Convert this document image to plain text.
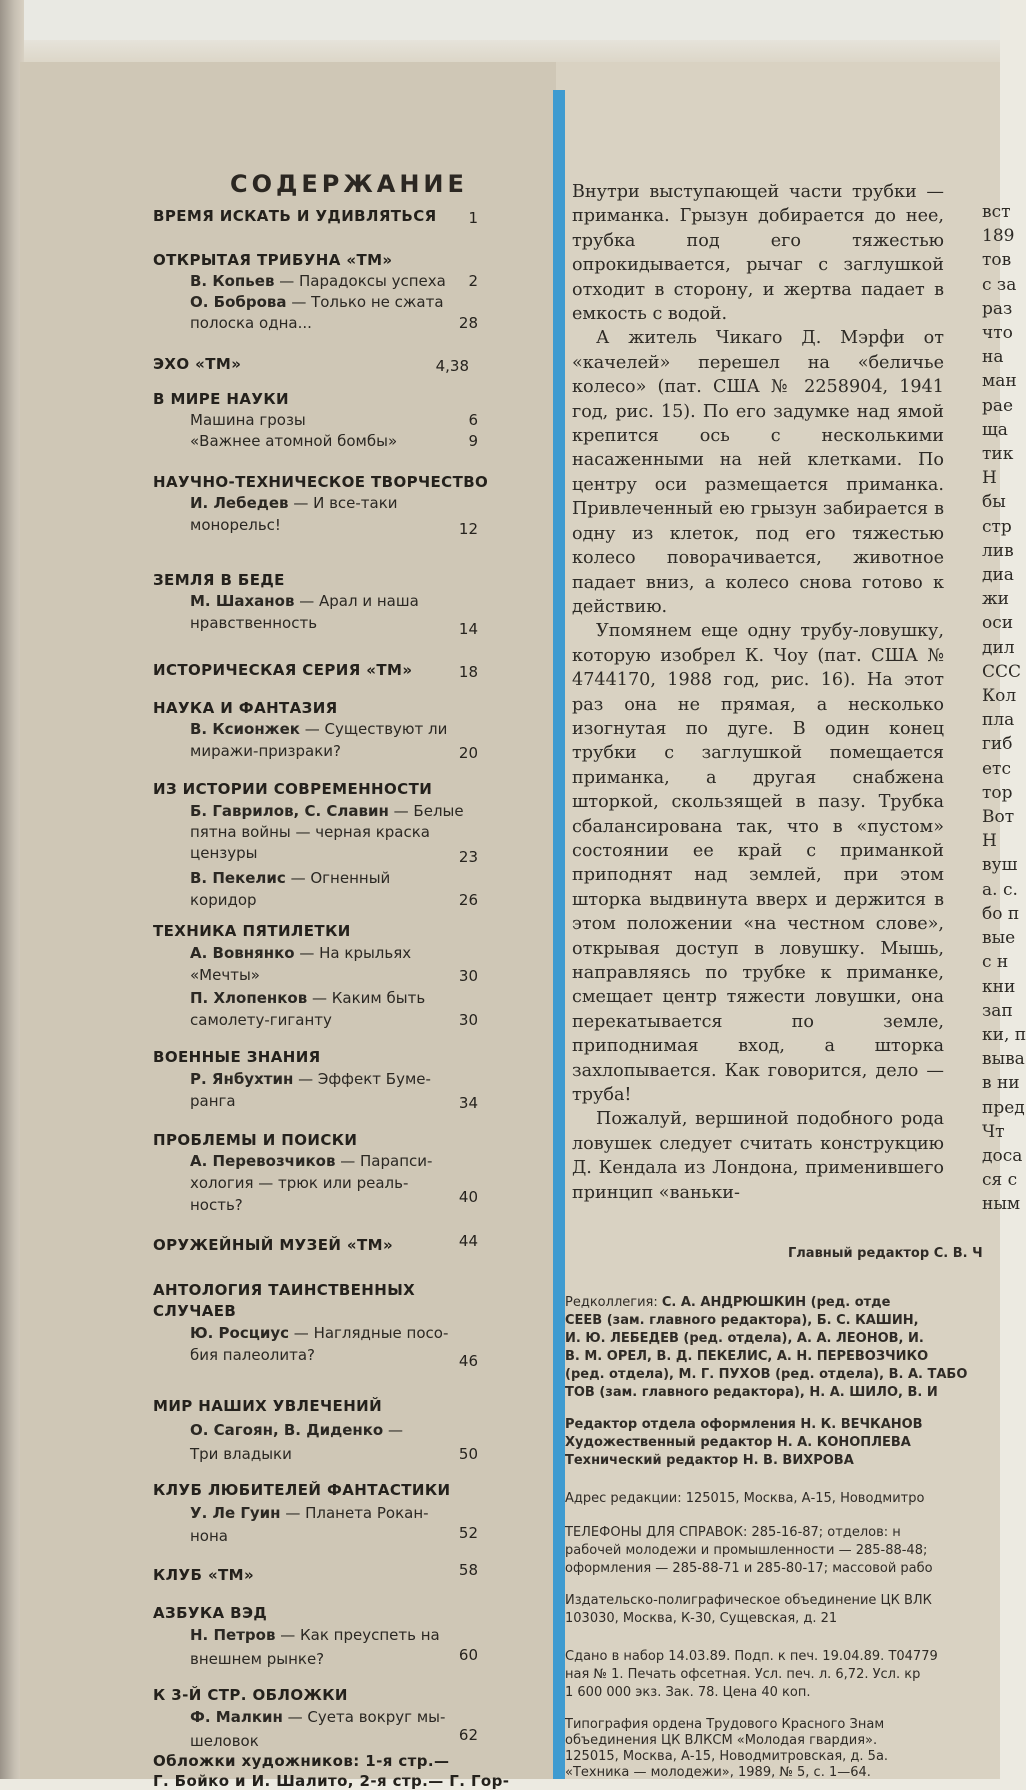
СОДЕРЖАНИЕ
ВРЕМЯ ИСКАТЬ И УДИВЛЯТЬСЯ	1
ОТКРЫТАЯ ТРИБУНА «ТМ»
В. Копьев — Парадоксы успеха	2
О. Боброва — Только не сжата
полоска одна...	28
ЭХО «ТМ»	4,38
В МИРЕ НАУКИ
Машина грозы	6
«Важнее атомной бомбы»	9
НАУЧНО-ТЕХНИЧЕСКОЕ ТВОРЧЕСТВО
И. Лебедев — И все-таки
монорельс!	12
ЗЕМЛЯ В БЕДЕ
М. Шаханов — Арал и наша
нравственность	14
ИСТОРИЧЕСКАЯ СЕРИЯ «ТМ»	18
НАУКА И ФАНТАЗИЯ
В. Ксионжек — Существуют ли
миражи-призраки?	20
ИЗ ИСТОРИИ СОВРЕМЕННОСТИ
Б. Гаврилов, С. Славин — Белые
пятна войны — черная краска
цензуры	23
В. Пекелис — Огненный
коридор	26
ТЕХНИКА ПЯТИЛЕТКИ
А. Вовнянко — На крыльях
«Мечты»	30
П. Хлопенков — Каким быть
самолету-гиганту	30
ВОЕННЫЕ ЗНАНИЯ
Р. Янбухтин — Эффект Буме-
ранга	34
ПРОБЛЕМЫ И ПОИСКИ
А. Перевозчиков — Парапси-
хология — трюк или реаль-
ность?	40
ОРУЖЕЙНЫЙ МУЗЕЙ «ТМ»	44
АНТОЛОГИЯ ТАИНСТВЕННЫХ
СЛУЧАЕВ
Ю. Росциус — Наглядные посо-
бия палеолита?	46
МИР НАШИХ УВЛЕЧЕНИЙ
О. Сагоян, В. Диденко —
Три владыки	50
КЛУБ ЛЮБИТЕЛЕЙ ФАНТАСТИКИ
У. Ле Гуин — Планета Рокан-
нона	52
КЛУБ «ТМ»	58
АЗБУКА ВЭД
Н. Петров — Как преуспеть на
внешнем рынке?	60
К 3-Й СТР. ОБЛОЖКИ
Ф. Малкин — Суета вокруг мы-
шеловок	62
Обложки художников: 1-я стр.—
Г. Бойко и И. Шалито, 2-я стр.— Г. Гор-

Внутри выступающей части трубки — приманка. Грызун добирается до нее, трубка под его тяжестью опрокидывается, рычаг с заглушкой отходит в сторону, и жертва падает в емкость с водой.

А житель Чикаго Д. Мэрфи от «качелей» перешел на «беличье колесо» (пат. США № 2258904, 1941 год, рис. 15). По его задумке над ямой крепится ось с несколькими насаженными на ней клетками. По центру оси размещается приманка. Привлеченный ею грызун забирается в одну из клеток, под его тяжестью колесо поворачивается, животное падает вниз, а колесо снова готово к действию.

Упомянем еще одну трубу-ловушку, которую изобрел К. Чоу (пат. США № 4744170, 1988 год, рис. 16). На этот раз она не прямая, а несколько изогнутая по дуге. В один конец трубки с заглушкой помещается приманка, а другая снабжена шторкой, скользящей в пазу. Трубка сбалансирована так, что в «пустом» состоянии ее край с приманкой приподнят над землей, при этом шторка выдвинута вверх и держится в этом положении «на честном слове», открывая доступ в ловушку. Мышь, направляясь по трубке к приманке, смещает центр тяжести ловушки, она перекатывается по земле, приподнимая вход, а шторка захлопывается. Как говорится, дело — труба!

Пожалуй, вершиной подобного рода ловушек следует считать конструкцию Д. Кендала из Лондона, применившего принцип «ваньки-

вст
189
тов
с за
раз
что
на
ман
рае
ща
тик
Н
бы
стр
лив
диа
жи
оси
дил
ССС
Кол
пла
гиб
етс
тор
Вот
Н
вуш
а. с.
бо п
вые
с н
кни
зап
ки, п
выва
в ни
пред
Чт
доса
ся с
ным
Главный редактор С. В. Ч
Редколлегия: С. А. АНДРЮШКИН (ред. отде
СЕЕВ (зам. главного редактора), Б. С. КАШИН,
И. Ю. ЛЕБЕДЕВ (ред. отдела), А. А. ЛЕОНОВ, И.
В. М. ОРЕЛ, В. Д. ПЕКЕЛИС, А. Н. ПЕРЕВОЗЧИКО
(ред. отдела), М. Г. ПУХОВ (ред. отдела), В. А. ТАБО
ТОВ (зам. главного редактора), Н. А. ШИЛО, В. И
Редактор отдела оформления Н. К. ВЕЧКАНОВ
Художественный редактор Н. А. КОНОПЛЕВА
Технический редактор Н. В. ВИХРОВА
Адрес редакции: 125015, Москва, А-15, Новодмитро
ТЕЛЕФОНЫ ДЛЯ СПРАВОК: 285-16-87; отделов: н
рабочей молодежи и промышленности — 285-88-48;
оформления — 285-88-71 и 285-80-17; массовой рабо
Издательско-полиграфическое объединение ЦК ВЛК
103030, Москва, К-30, Сущевская, д. 21
Сдано в набор 14.03.89. Подп. к печ. 19.04.89. Т04779
ная № 1. Печать офсетная. Усл. печ. л. 6,72. Усл. кр
1 600 000 экз. Зак. 78. Цена 40 коп.
Типография ордена Трудового Красного Знам
объединения ЦК ВЛКСМ «Молодая гвардия».
125015, Москва, А-15, Новодмитровская, д. 5а.
«Техника — молодежи», 1989, № 5, с. 1—64.
